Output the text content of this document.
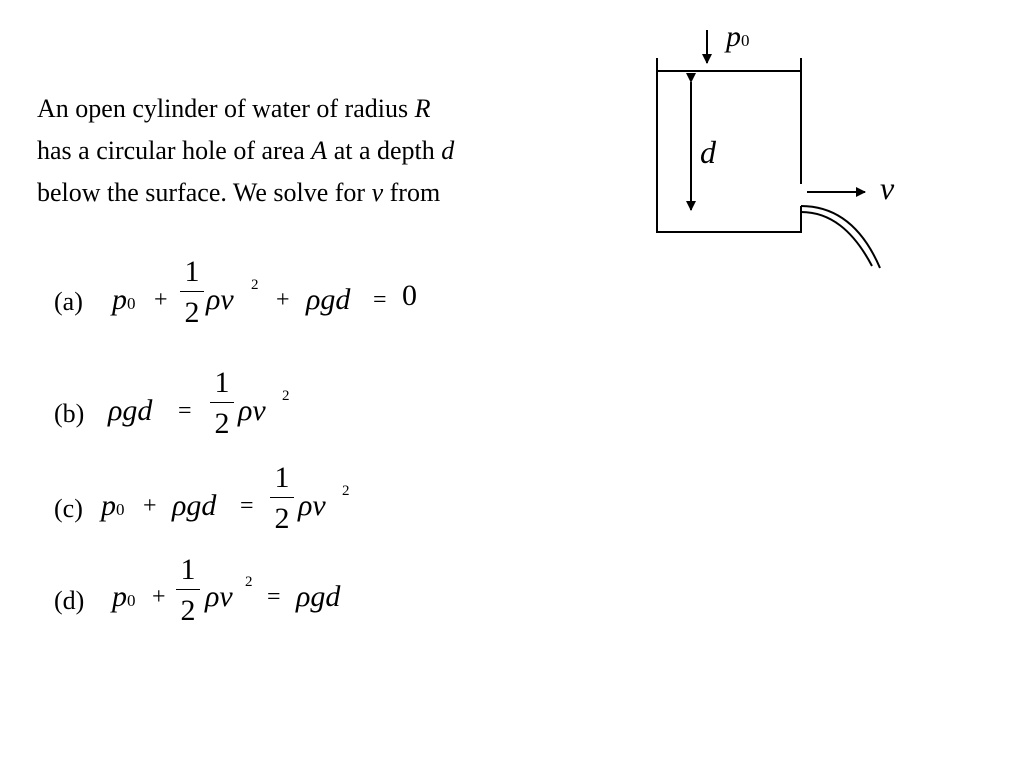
An open cylinder of water of radius R
has a circular hole of area A at a depth d
below the surface. We solve for v from
p0
d
v
(a) p0 + ρv 2
+ ρgd = 0
1
2
(b) ρgd = ρv 2
1
2
(c) p0 + ρgd = ρv 2
1
2
(d) p0 + ρv 2
= ρgd
1
2
